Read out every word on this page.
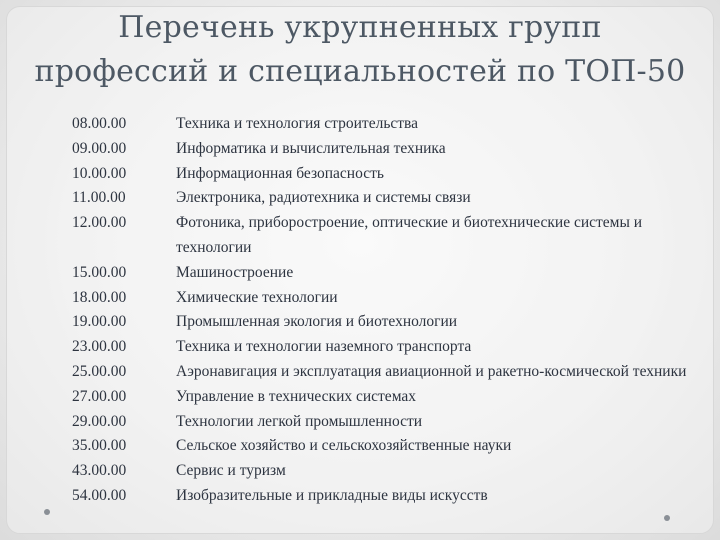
Перечень укрупненных групп
профессий и специальностей по ТОП-50
08.00.00	Техника и технология строительства
09.00.00	Информатика и вычислительная техника
10.00.00	Информационная безопасность
11.00.00	Электроника, радиотехника и системы связи
12.00.00	Фотоника, приборостроение, оптические и биотехнические системы и технологии
15.00.00	Машиностроение
18.00.00	Химические технологии
19.00.00	Промышленная экология и биотехнологии
23.00.00	Техника и технологии наземного транспорта
25.00.00	Аэронавигация и эксплуатация авиационной и ракетно-космической техники
27.00.00	Управление в технических системах
29.00.00	Технологии легкой промышленности
35.00.00	Сельское хозяйство и сельскохозяйственные науки
43.00.00	Сервис и туризм
54.00.00	Изобразительные и прикладные виды искусств
